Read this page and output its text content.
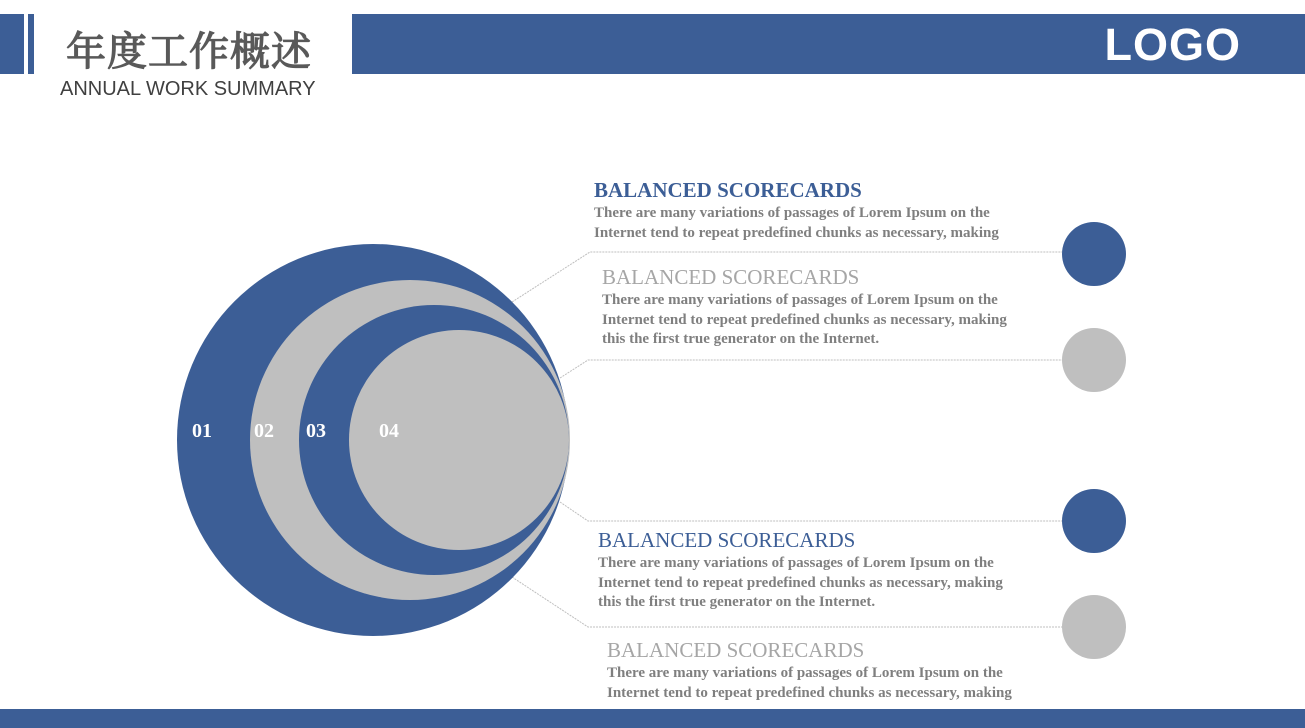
年度工作概述
ANNUAL WORK SUMMARY
LOGO
01 02 03	04
BALANCED SCORECARDS
There are many variations of passages of Lorem Ipsum on the
Internet tend to repeat predefined chunks as necessary, making
BALANCED SCORECARDS
There are many variations of passages of Lorem Ipsum on the
Internet tend to repeat predefined chunks as necessary, making
this the first true generator on the Internet.
BALANCED SCORECARDS
There are many variations of passages of Lorem Ipsum on the
Internet tend to repeat predefined chunks as necessary, making
this the first true generator on the Internet.
BALANCED SCORECARDS
There are many variations of passages of Lorem Ipsum on the
Internet tend to repeat predefined chunks as necessary, making
